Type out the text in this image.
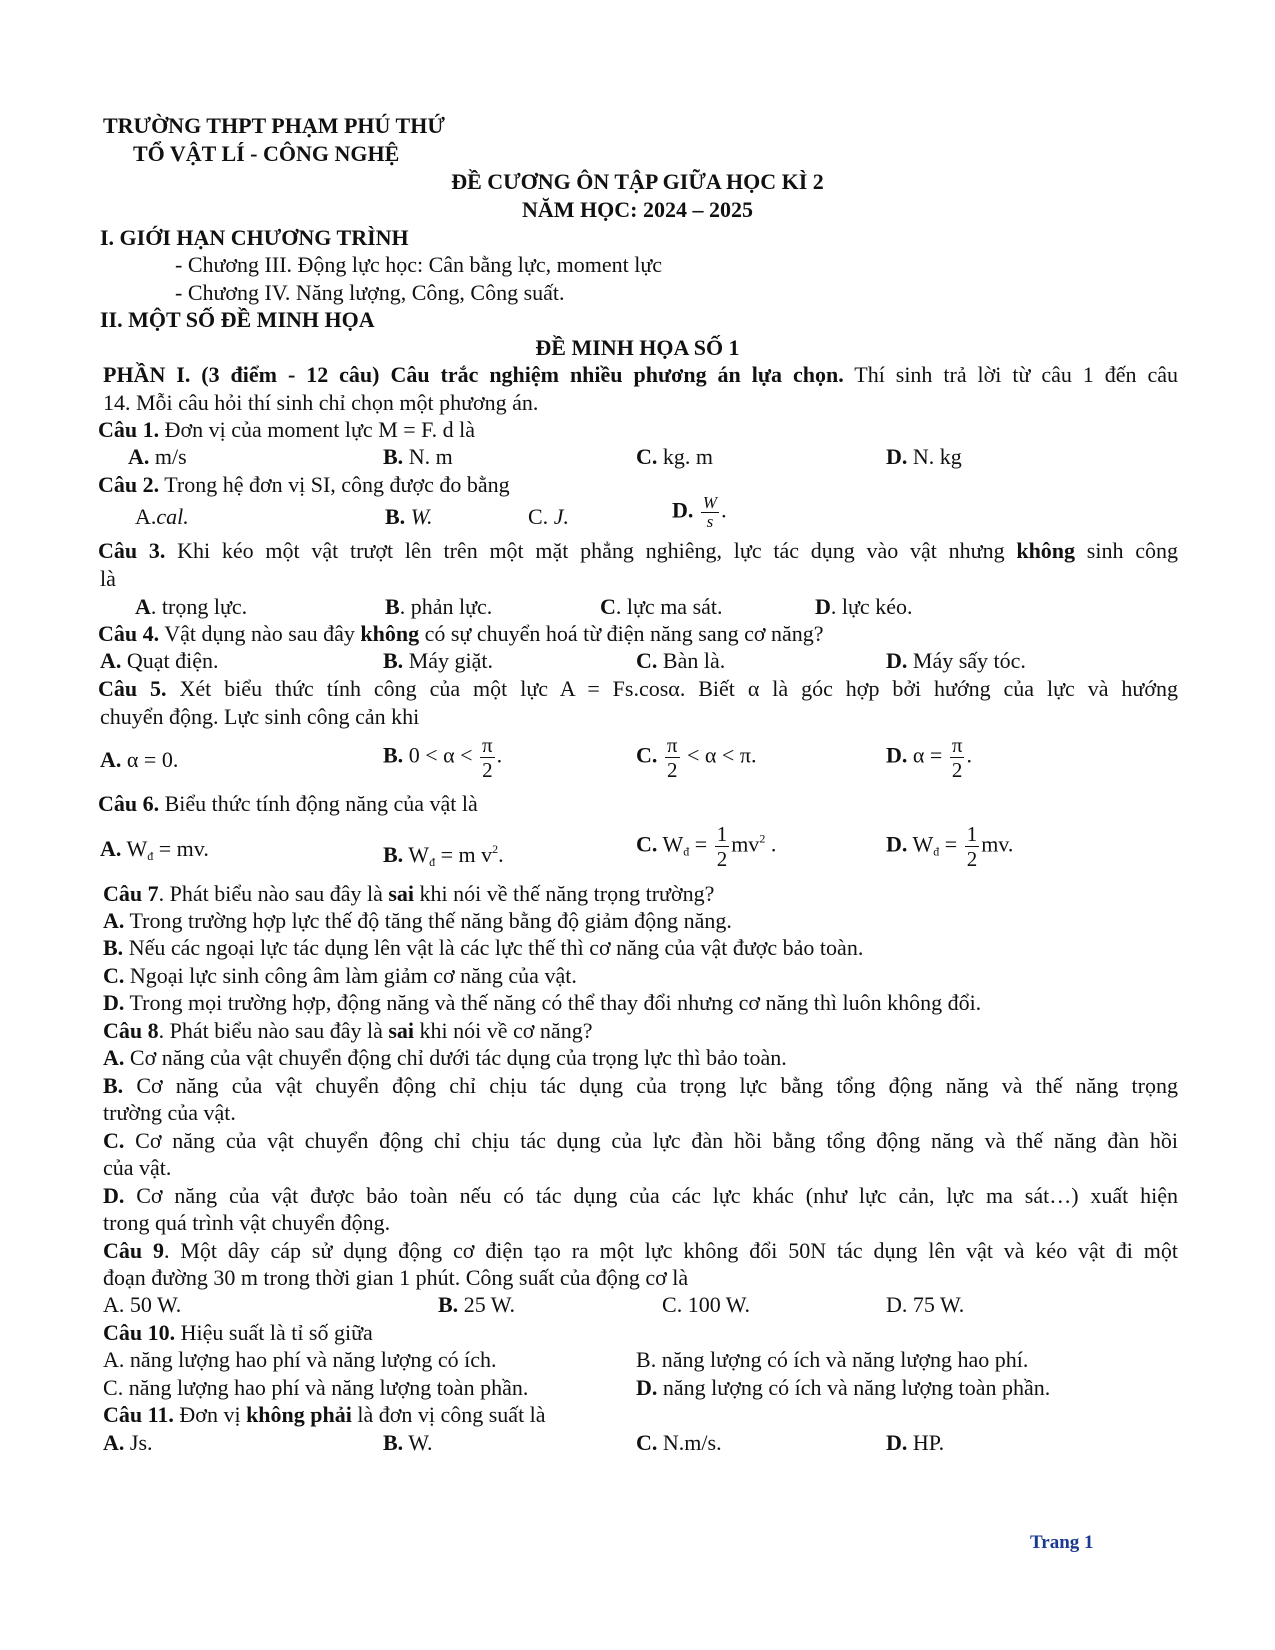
TRƯỜNG THPT PHẠM PHÚ THỨ
TỔ VẬT LÍ - CÔNG NGHỆ
ĐỀ CƯƠNG ÔN TẬP GIỮA HỌC KÌ 2
NĂM HỌC: 2024 – 2025
I. GIỚI HẠN CHƯƠNG TRÌNH
- Chương III. Động lực học: Cân bằng lực, moment lực
- Chương IV. Năng lượng, Công, Công suất.
II. MỘT SỐ ĐỀ MINH HỌA
ĐỀ MINH HỌA SỐ 1
PHẦN I. (3 điểm - 12 câu) Câu trắc nghiệm nhiều phương án lựa chọn. Thí sinh trả lời từ câu 1 đến câu
14. Mỗi câu hỏi thí sinh chỉ chọn một phương án.
Câu 1. Đơn vị của moment lực M = F. d là
A. m/s	B. N. m	C. kg. m	D. N. kg
Câu 2. Trong hệ đơn vị SI, công được đo bằng
A.cal.	B. W.	C. J.	D. $\frac{W}{s}$ .
Câu 3. Khi kéo một vật trượt lên trên một mặt phẳng nghiêng, lực tác dụng vào vật nhưng không sinh công
là
A. trọng lực.	B. phản lực.	C. lực ma sát.	D. lực kéo.
Câu 4. Vật dụng nào sau đây không có sự chuyển hoá từ điện năng sang cơ năng?
A. Quạt điện.	B. Máy giặt.	C. Bàn là.	D. Máy sấy tóc.
Câu 5. Xét biểu thức tính công của một lực A = Fs.cosα. Biết α là góc hợp bởi hướng của lực và hướng
chuyển động. Lực sinh công cản khi
A. α = 0.	B. $0 < \alpha < \frac{\pi}{2}$ .	C. $\frac{\pi}{2} < \alpha < \pi$.	D. $\alpha = \frac{\pi}{2}$ .
Câu 6. Biểu thức tính động năng của vật là
A. $W_đ$ = mv.	B. $W_đ = m$ $v^2$.	C. $W_đ = \frac{1}{2} mv^2$ .	D. $W_đ = \frac{1}{2}$ mv.
Câu 7. Phát biểu nào sau đây là sai khi nói về thế năng trọng trường?
A. Trong trường hợp lực thế độ tăng thế năng bằng độ giảm động năng.
B. Nếu các ngoại lực tác dụng lên vật là các lực thế thì cơ năng của vật được bảo toàn.
C. Ngoại lực sinh công âm làm giảm cơ năng của vật.
D. Trong mọi trường hợp, động năng và thế năng có thể thay đổi nhưng cơ năng thì luôn không đổi.
Câu 8. Phát biểu nào sau đây là sai khi nói về cơ năng?
A. Cơ năng của vật chuyển động chỉ dưới tác dụng của trọng lực thì bảo toàn.
B. Cơ năng của vật chuyển động chỉ chịu tác dụng của trọng lực bằng tổng động năng và thế năng trọng
trường của vật.
C. Cơ năng của vật chuyển động chỉ chịu tác dụng của lực đàn hồi bằng tổng động năng và thế năng đàn hồi
của vật.
D. Cơ năng của vật được bảo toàn nếu có tác dụng của các lực khác (như lực cản, lực ma sát…) xuất hiện
trong quá trình vật chuyển động.
Câu 9. Một dây cáp sử dụng động cơ điện tạo ra một lực không đổi 50N tác dụng lên vật và kéo vật đi một
đoạn đường 30 m trong thời gian 1 phút. Công suất của động cơ là
A. 50 W.	B. 25 W.	C. 100 W.	D. 75 W.
Câu 10. Hiệu suất là tỉ số giữa
A. năng lượng hao phí và năng lượng có ích.	B. năng lượng có ích và năng lượng hao phí.
C. năng lượng hao phí và năng lượng toàn phần.	D. năng lượng có ích và năng lượng toàn phần.
Câu 11. Đơn vị không phải là đơn vị công suất là
A. Js.	B. W.	C. N.m/s.	D. HP.
Trang 1
